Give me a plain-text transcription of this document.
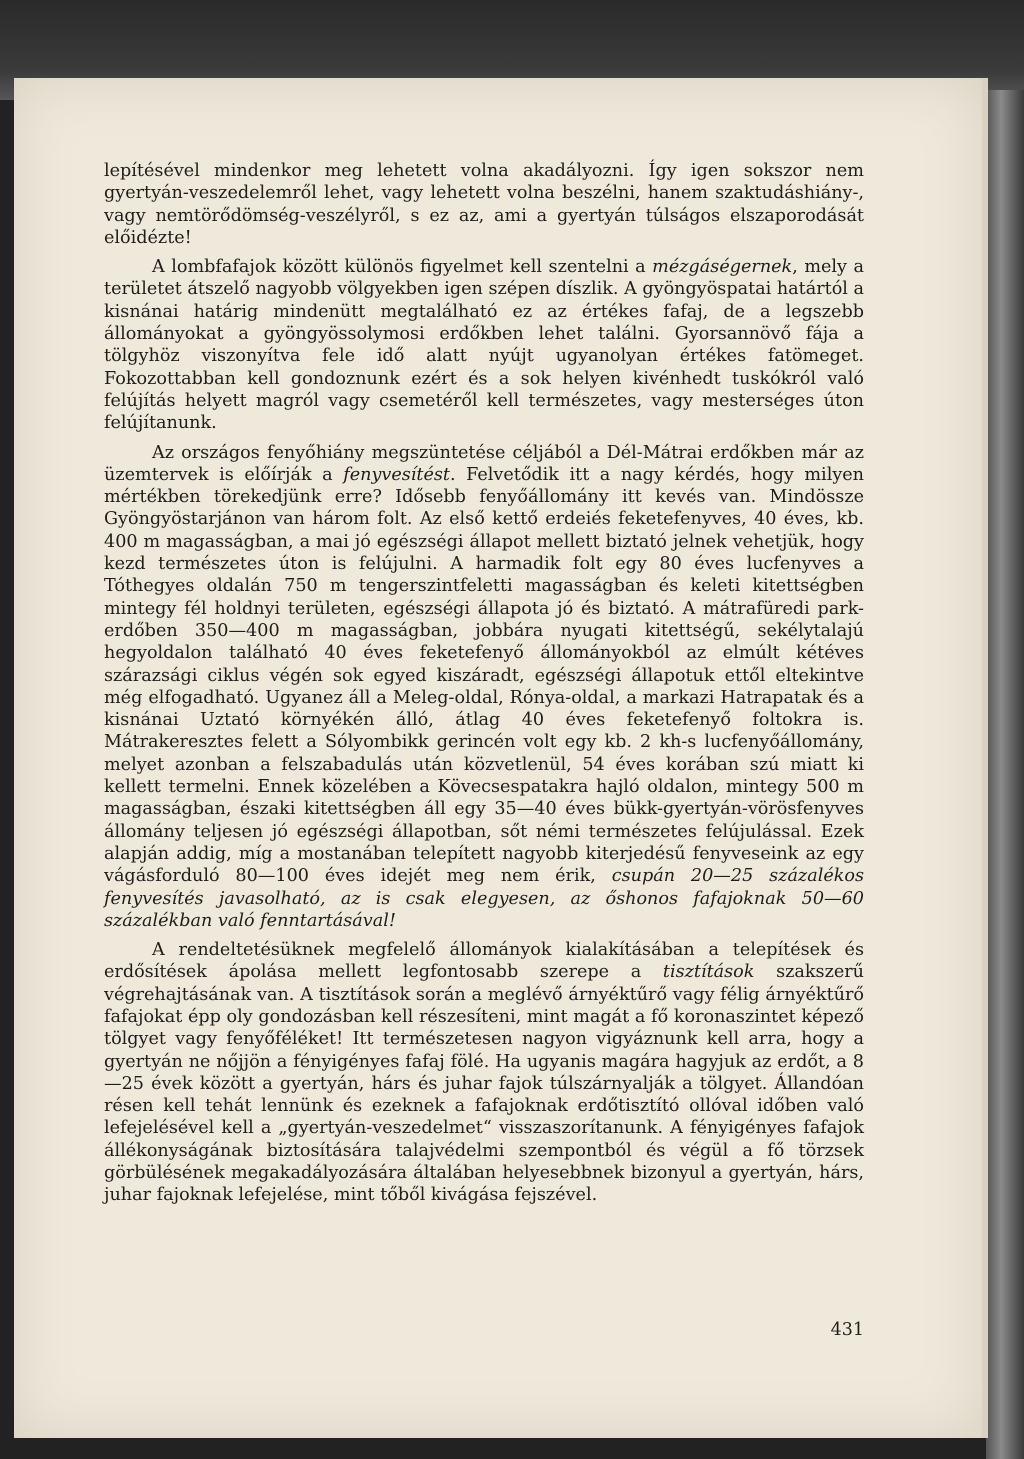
lepítésével mindenkor meg lehetett volna akadályozni. Így igen sokszor nem gyertyán-veszedelemről lehet, vagy lehetett volna beszélni, hanem szaktudáshiány-, vagy nemtörődömség-veszélyről, s ez az, ami a gyertyán túlságos elszaporodását előidézte!

A lombfafajok között különös figyelmet kell szentelni a mézgáségernek, mely a területet átszelő nagyobb völgyekben igen szépen díszlik. A gyöngyöspatai határtól a kisnánai határig mindenütt megtalálható ez az értékes fafaj, de a legszebb állományokat a gyöngyössolymosi erdőkben lehet találni. Gyorsannövő fája a tölgyhöz viszonyítva fele idő alatt nyújt ugyanolyan értékes fatömeget. Fokozottabban kell gondoznunk ezért és a sok helyen kivénhedt tuskókról való felújítás helyett magról vagy csemetéről kell természetes, vagy mesterséges úton felújítanunk.

Az országos fenyőhiány megszüntetése céljából a Dél-Mátrai erdőkben már az üzemtervek is előírják a fenyvesítést. Felvetődik itt a nagy kérdés, hogy milyen mértékben törekedjünk erre? Idősebb fenyőállomány itt kevés van. Mindössze Gyöngyöstarjánon van három folt. Az első kettő erdeiés feketefenyves, 40 éves, kb. 400 m magasságban, a mai jó egészségi állapot mellett biztató jelnek vehetjük, hogy kezd természetes úton is felújulni. A harmadik folt egy 80 éves lucfenyves a Tóthegyes oldalán 750 m tengerszintfeletti magasságban és keleti kitettségben mintegy fél holdnyi területen, egészségi állapota jó és biztató. A mátrafüredi park-erdőben 350—400 m magasságban, jobbára nyugati kitettségű, sekélytalajú hegyoldalon található 40 éves feketefenyő állományokból az elmúlt kétéves szárazsági ciklus végén sok egyed kiszáradt, egészségi állapotuk ettől eltekintve még elfogadható. Ugyanez áll a Meleg-oldal, Rónya-oldal, a markazi Hatrapatak és a kisnánai Uztató környékén álló, átlag 40 éves feketefenyő foltokra is. Mátrakeresztes felett a Sólyombikk gerincén volt egy kb. 2 kh-s lucfenyőállomány, melyet azonban a felszabadulás után közvetlenül, 54 éves korában szú miatt ki kellett termelni. Ennek közelében a Kövecsespatakra hajló oldalon, mintegy 500 m magasságban, északi kitettségben áll egy 35—40 éves bükk-gyertyán-vörösfenyves állomány teljesen jó egészségi állapotban, sőt némi természetes felújulással. Ezek alapján addig, míg a mostanában telepített nagyobb kiterjedésű fenyveseink az egy vágásforduló 80—100 éves idejét meg nem érik, csupán 20—25 százalékos fenyvesítés javasolható, az is csak elegyesen, az őshonos fafajoknak 50—60 százalékban való fenntartásával!

A rendeltetésüknek megfelelő állományok kialakításában a telepítések és erdősítések ápolása mellett legfontosabb szerepe a tisztítások szakszerű végrehajtásának van. A tisztítások során a meglévő árnyéktűrő vagy félig árnyéktűrő fafajokat épp oly gondozásban kell részesíteni, mint magát a fő koronaszintet képező tölgyet vagy fenyőféléket! Itt természetesen nagyon vigyáznunk kell arra, hogy a gyertyán ne nőjjön a fényigényes fafaj fölé. Ha ugyanis magára hagyjuk az erdőt, a 8—25 évek között a gyertyán, hárs és juhar fajok túlszárnyalják a tölgyet. Állandóan résen kell tehát lennünk és ezeknek a fafajoknak erdőtisztító ollóval időben való lefejelésével kell a „gyertyán-veszedelmet“ visszaszorítanunk. A fényigényes fafajok állékonyságának biztosítására talajvédelmi szempontból és végül a fő törzsek görbülésének megakadályozására általában helyesebbnek bizonyul a gyertyán, hárs, juhar fajoknak lefejelése, mint tőből kivágása fejszével.

431
